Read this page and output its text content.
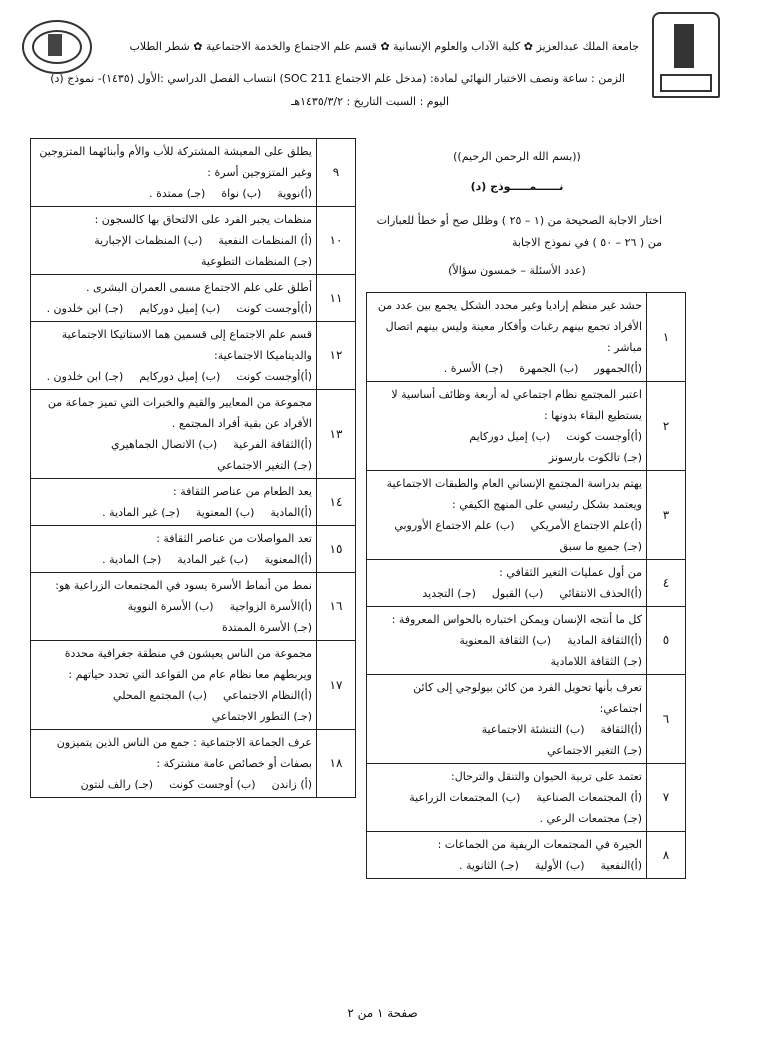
جامعة الملك عبدالعزيز ✿ كلية الآداب والعلوم الإنسانية ✿ قسم علم الاجتماع والخدمة الاجتماعية ✿ شطر الطلاب
الزمن : ساعة ونصف الاختبار النهائي لمادة: (مدخل علم الاجتماع SOC 211) انتساب الفصل الدراسي :الأول (١٤٣٥)- نموذج (د)
اليوم : السبت التاريخ : ١٤٣٥/٣/٢هـ
((بسم الله الرحمن الرحيم))
نــــــمـــــوذج (د)
اختار الاجابة الصحيحة من (١ – ٢٥ ) وظلل صح أو خطأ للعبارات من ( ٢٦ – ٥٠ ) في نموذج الاجابة
(عدد الأسئلة – خمسون سؤالاً)
٩	يطلق على المعيشة المشتركة للأب والأم وأبنائهما المتزوجين وغير المتزوجين أسرة :
(أ)نووية
(ب) نواة
(جـ) ممتدة .

١٠	منظمات يجبر الفرد على الالتحاق بها كالسجون :
(أ) المنظمات النفعية
(ب) المنظمات الإجبارية
(جـ) المنظمات التطوعية

١١	أطلق على علم الاجتماع مسمى العمران البشرى .
(أ)أوجست كونت
(ب) إميل دوركايم
(جـ) ابن خلدون .

١٢	قسم علم الاجتماع إلى قسمين هما الاستاتيكا الاجتماعية والديناميكا الاجتماعية:
(أ)أوجست كونت
(ب) إميل دوركايم
(جـ) ابن خلدون .

١٣	مجموعة من المعايير والقيم والخبرات التي تميز جماعة من الأفراد عن بقية أفراد المجتمع .
(أ)الثقافة الفرعية
(ب) الاتصال الجماهيري
(جـ) التغير الاجتماعي

١٤	يعد الطعام من عناصر الثقافة :
(أ)المادية
(ب) المعنوية
(جـ) غير المادية .

١٥	تعد المواصلات من عناصر الثقافة :
(أ)المعنوية
(ب) غير المادية
(جـ) المادية .

١٦	نمط من أنماط الأسرة يسود في المجتمعات الزراعية هو:
(أ)الأسرة الزواجية
(ب) الأسرة النووية
(جـ) الأسرة الممتدة

١٧	مجموعة من الناس يعيشون في منطقة جغرافية محددة ويربطهم معا نظام عام من القواعد التي تحدد حياتهم :
(أ)النظام الاجتماعي
(ب) المجتمع المحلي
(جـ) التطور الاجتماعي

١٨	عرف الجماعة الاجتماعية : جمع من الناس الذين يتميزون بصفات أو خصائص عامة مشتركة :
(أ) زاندن
(ب) أوجست كونت
(جـ) رالف لنتون
١	حشد غير منظم إراديا وغير محدد الشكل يجمع بين عدد من الأفراد تجمع بينهم رغبات وأفكار معينة وليس بينهم اتصال مباشر :
(أ)الجمهور
(ب) الجمهرة
(جـ) الأسرة .

٢	اعتبر المجتمع نظام اجتماعي له أربعة وظائف أساسية لا يستطيع البقاء بدونها :
(أ)أوجست كونت
(ب) إميل دوركايم
(جـ) تالكوت بارسونز

٣	يهتم بدراسة المجتمع الإنساني العام والطبقات الاجتماعية ويعتمد بشكل رئيسي على المنهج الكيفي :
(أ)علم الاجتماع الأمريكي
(ب) علم الاجتماع الأوروبي
(جـ) جميع ما سبق

٤	من أول عمليات التغير الثقافي :
(أ)الحذف الانتقائي
(ب) القبول
(جـ) التجديد

٥	كل ما أنتجه الإنسان ويمكن اختباره بالحواس المعروفة :
(أ)الثقافة المادية
(ب) الثقافة المعنوية
(جـ) الثقافة اللامادية

٦	تعرف بأنها تحويل الفرد من كائن بيولوجي إلى كائن اجتماعي:
(أ)الثقافة
(ب) التنشئة الاجتماعية
(جـ) التغير الاجتماعي

٧	تعتمد على تربية الحيوان والتنقل والترحال:
(أ) المجتمعات الصناعية
(ب) المجتمعات الزراعية
(جـ) مجتمعات الرعي .

٨	الجيرة في المجتمعات الريفية من الجماعات :
(أ)النفعية
(ب) الأولية
(جـ) الثانوية .
صفحة ١ من ٢
